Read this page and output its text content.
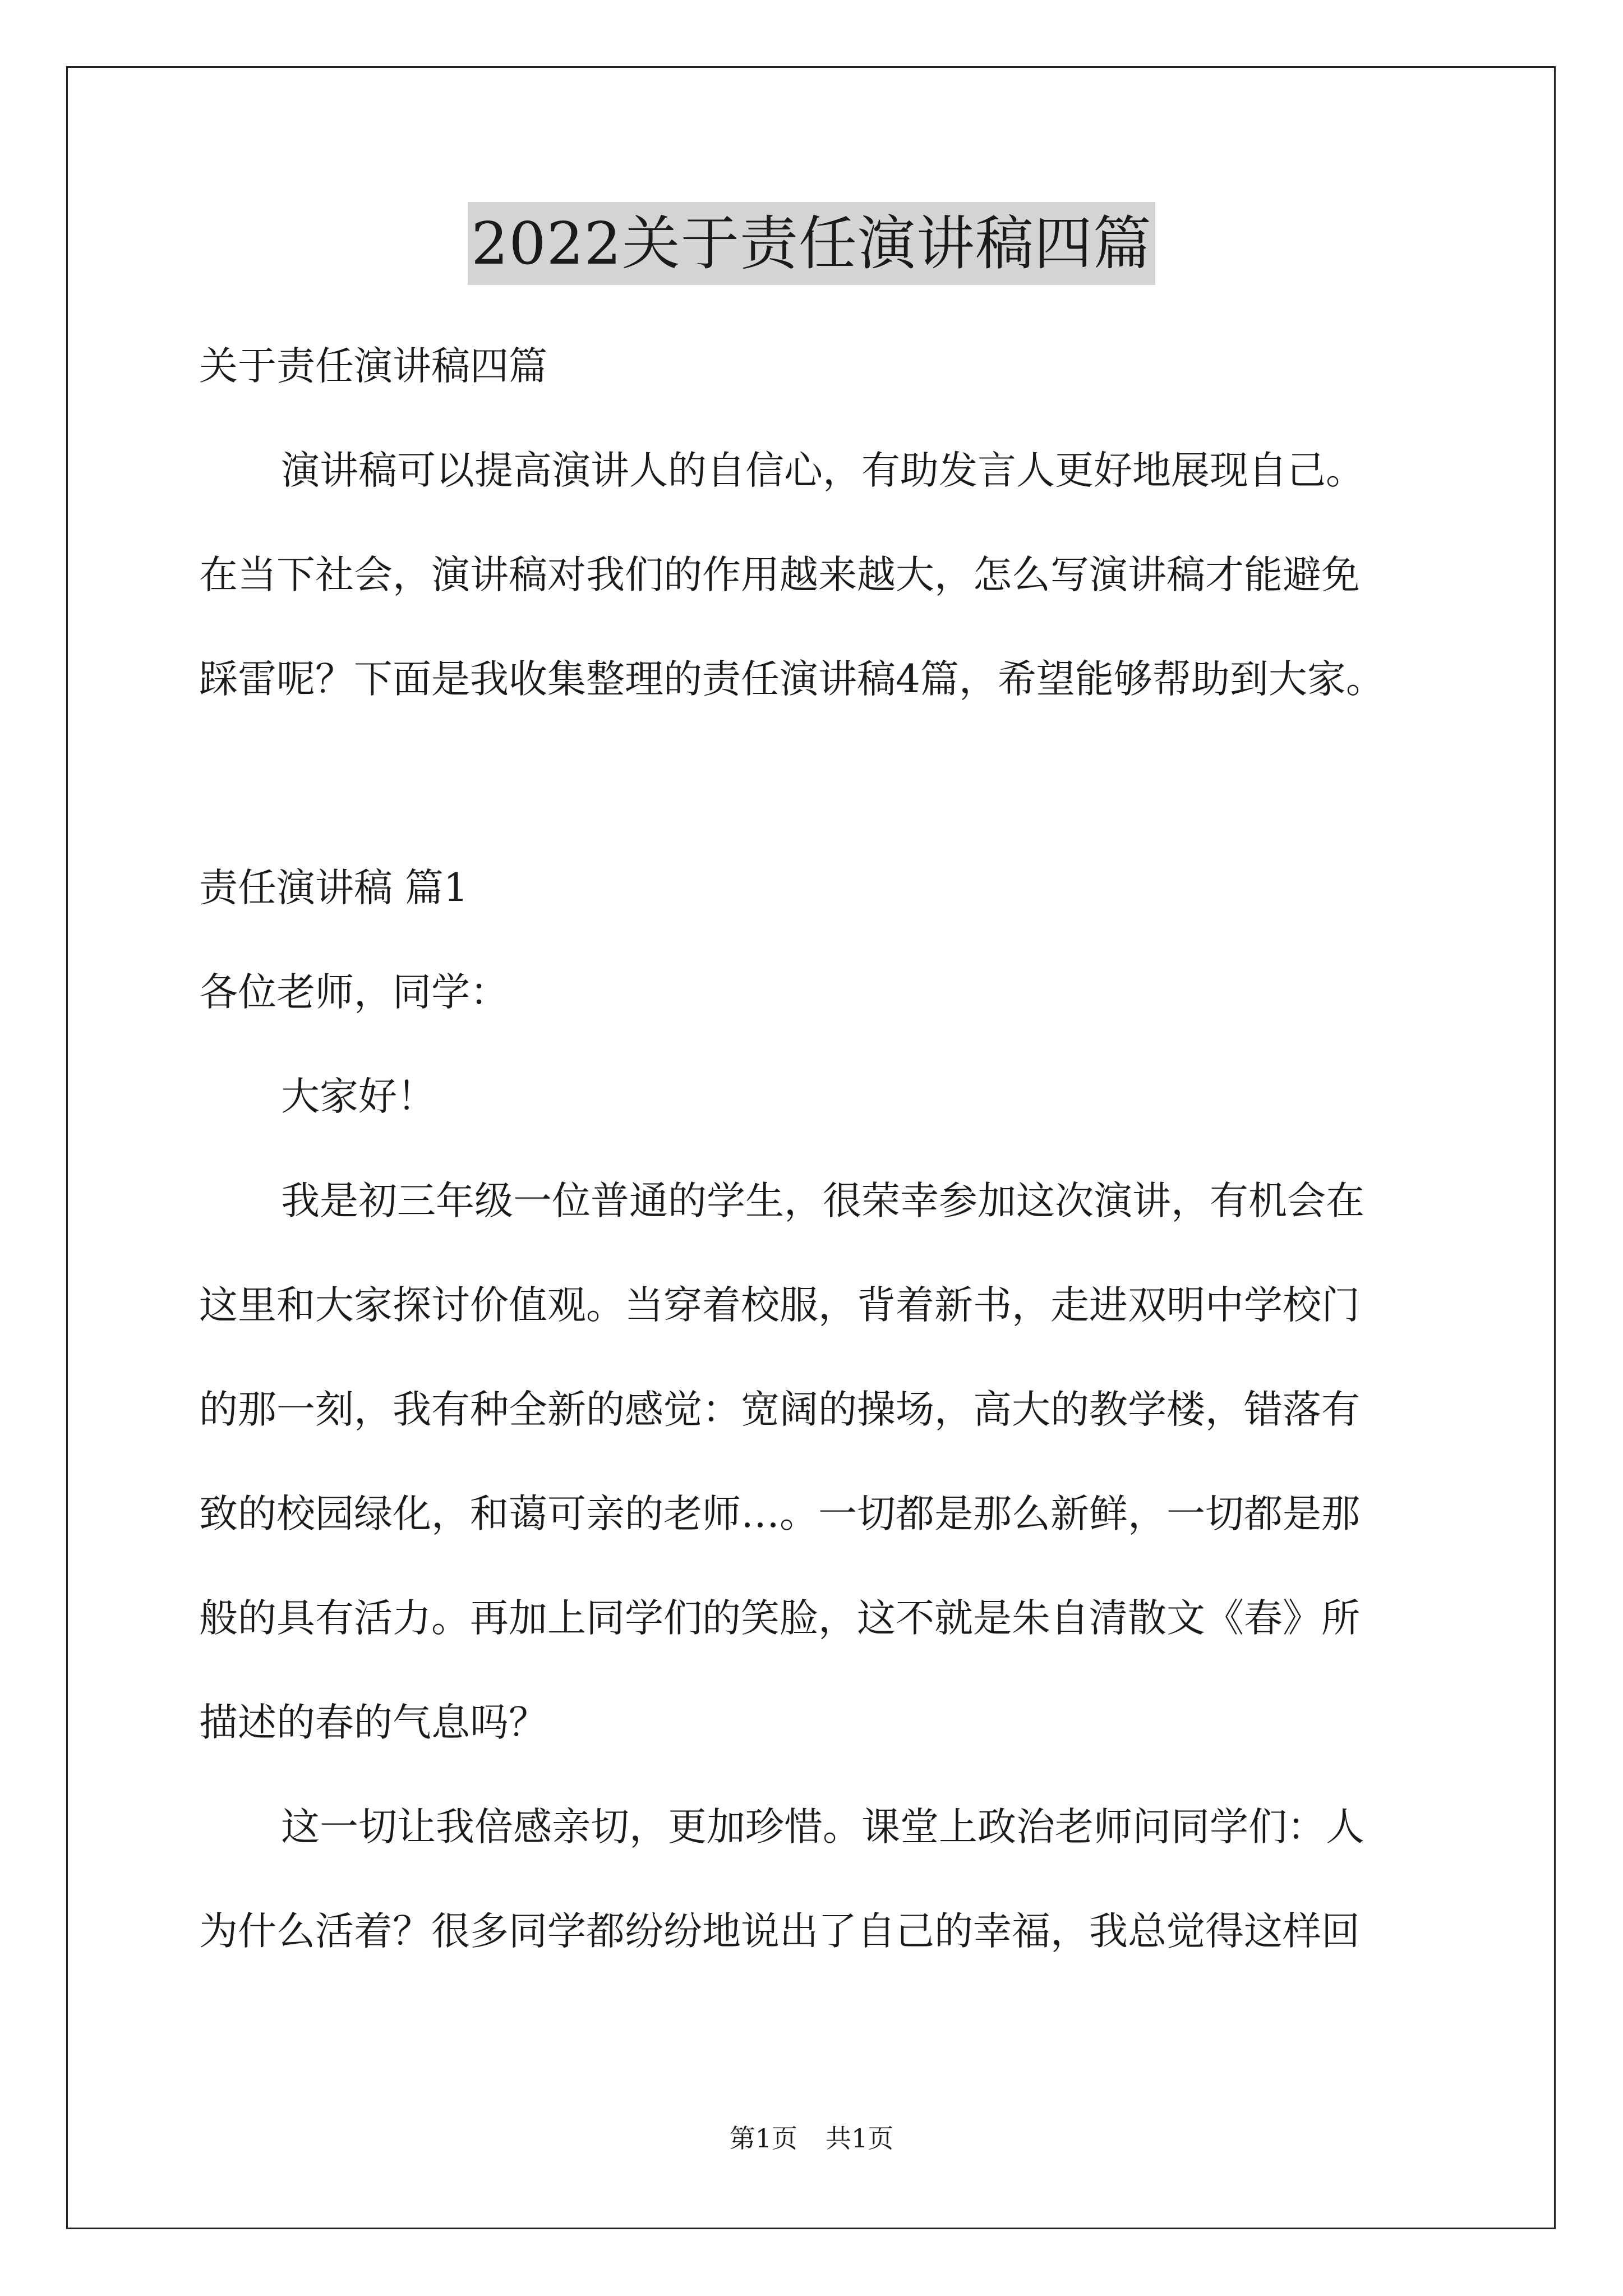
2022关于责任演讲稿四篇

关于责任演讲稿四篇

演讲稿可以提高演讲人的自信心，有助发言人更好地展现自己。

在当下社会，演讲稿对我们的作用越来越大，怎么写演讲稿才能避免

踩雷呢？下面是我收集整理的责任演讲稿4篇，希望能够帮助到大家。

责任演讲稿 篇1

各位老师，同学：

大家好！

我是初三年级一位普通的学生，很荣幸参加这次演讲，有机会在

这里和大家探讨价值观。当穿着校服，背着新书，走进双明中学校门

的那一刻，我有种全新的感觉：宽阔的操场，高大的教学楼，错落有

致的校园绿化，和蔼可亲的老师…。一切都是那么新鲜，一切都是那

般的具有活力。再加上同学们的笑脸，这不就是朱自清散文《春》所

描述的春的气息吗？

这一切让我倍感亲切，更加珍惜。课堂上政治老师问同学们：人

为什么活着？很多同学都纷纷地说出了自己的幸福，我总觉得这样回

第1页 共1页
